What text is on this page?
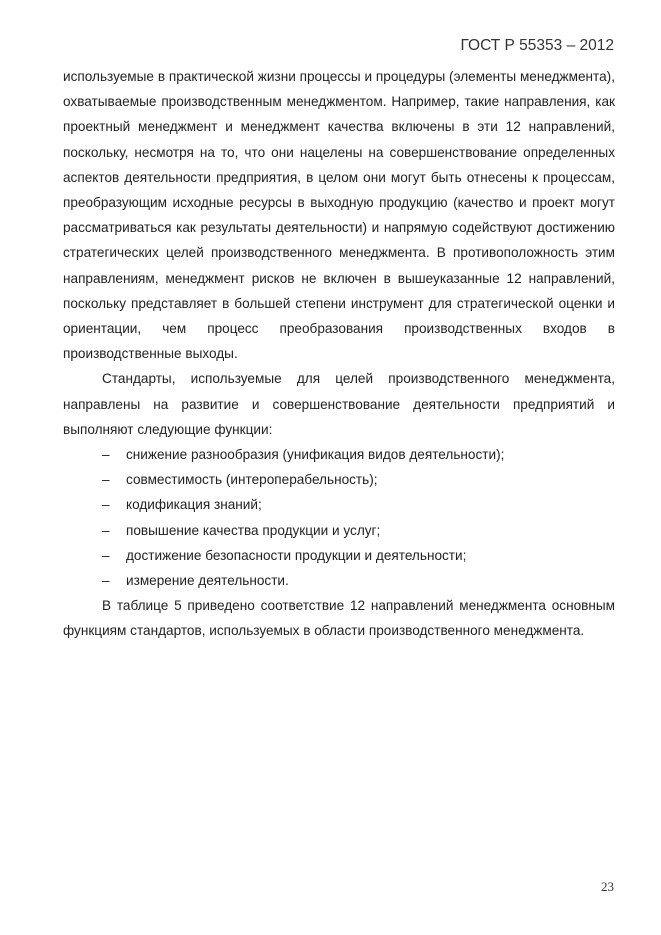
ГОСТ Р 55353 – 2012

используемые в практической жизни процессы и процедуры (элементы менеджмента), охватываемые производственным менеджментом. Например, такие направления, как проектный менеджмент и менеджмент качества включены в эти 12 направлений, поскольку, несмотря на то, что они нацелены на совершенствование определенных аспектов деятельности предприятия, в целом они могут быть отнесены к процессам, преобразующим исходные ресурсы в выходную продукцию (качество и проект могут рассматриваться как результаты деятельности) и напрямую содействуют достижению стратегических целей производственного менеджмента. В противоположность этим направлениям, менеджмент рисков не включен в вышеуказанные 12 направлений, поскольку представляет в большей степени инструмент для стратегической оценки и ориентации, чем процесс преобразования производственных входов в производственные выходы.

Стандарты, используемые для целей производственного менеджмента, направлены на развитие и совершенствование деятельности предприятий и выполняют следующие функции:

–	снижение разнообразия (унификация видов деятельности);
–	совместимость (интероперабельность);
–	кодификация знаний;
–	повышение качества продукции и услуг;
–	достижение безопасности продукции и деятельности;
–	измерение деятельности.

В таблице 5 приведено соответствие 12 направлений менеджмента основным функциям стандартов, используемых в области производственного менеджмента.

23
